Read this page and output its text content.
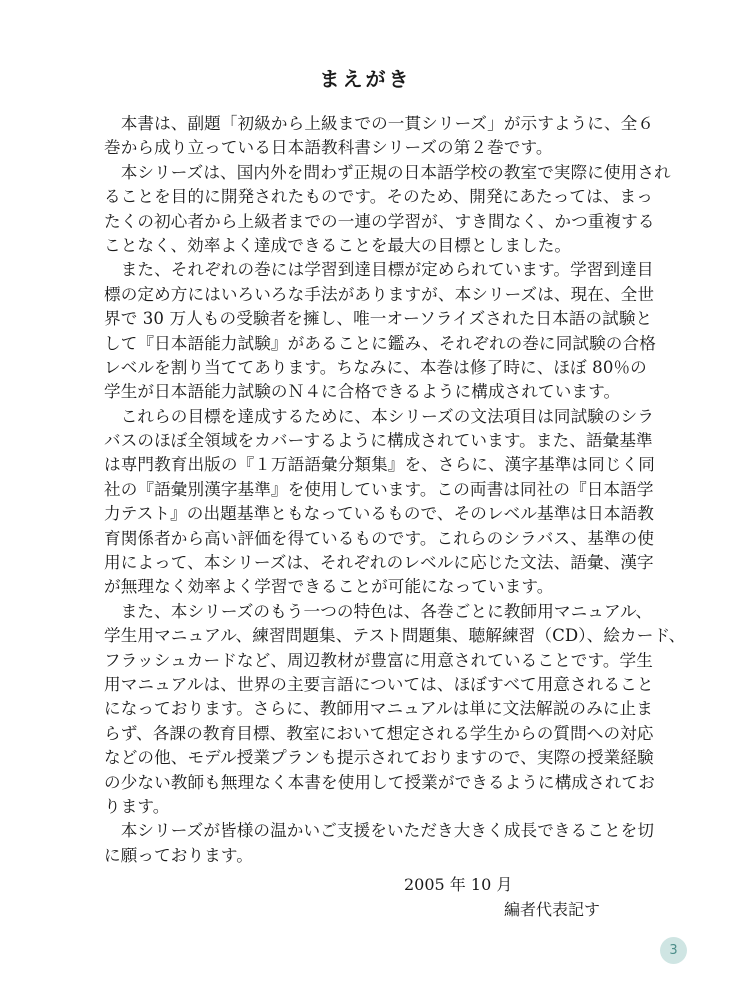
まえがき
　本書は、副題「初級から上級までの一貫シリーズ」が示すように、全６
巻から成り立っている日本語教科書シリーズの第２巻です。
　本シリーズは、国内外を問わず正規の日本語学校の教室で実際に使用され
ることを目的に開発されたものです。そのため、開発にあたっては、まっ
たくの初心者から上級者までの一連の学習が、すき間なく、かつ重複する
ことなく、効率よく達成できることを最大の目標としました。
　また、それぞれの巻には学習到達目標が定められています。学習到達目
標の定め方にはいろいろな手法がありますが、本シリーズは、現在、全世
界で 30 万人もの受験者を擁し、唯一オーソライズされた日本語の試験と
して『日本語能力試験』があることに鑑み、それぞれの巻に同試験の合格
レベルを割り当ててあります。ちなみに、本巻は修了時に、ほぼ 80％の
学生が日本語能力試験のＮ４に合格できるように構成されています。
　これらの目標を達成するために、本シリーズの文法項目は同試験のシラ
バスのほぼ全領域をカバーするように構成されています。また、語彙基準
は専門教育出版の『１万語語彙分類集』を、さらに、漢字基準は同じく同
社の『語彙別漢字基準』を使用しています。この両書は同社の『日本語学
力テスト』の出題基準ともなっているもので、そのレベル基準は日本語教
育関係者から高い評価を得ているものです。これらのシラバス、基準の使
用によって、本シリーズは、それぞれのレベルに応じた文法、語彙、漢字
が無理なく効率よく学習できることが可能になっています。
　また、本シリーズのもう一つの特色は、各巻ごとに教師用マニュアル、
学生用マニュアル、練習問題集、テスト問題集、聴解練習（CD）、絵カード、
フラッシュカードなど、周辺教材が豊富に用意されていることです。学生
用マニュアルは、世界の主要言語については、ほぼすべて用意されること
になっております。さらに、教師用マニュアルは単に文法解説のみに止ま
らず、各課の教育目標、教室において想定される学生からの質問への対応
などの他、モデル授業プランも提示されておりますので、実際の授業経験
の少ない教師も無理なく本書を使用して授業ができるように構成されてお
ります。
　本シリーズが皆様の温かいご支援をいただき大きく成長できることを切
に願っております。
2005 年 10 月
編者代表記す
3
